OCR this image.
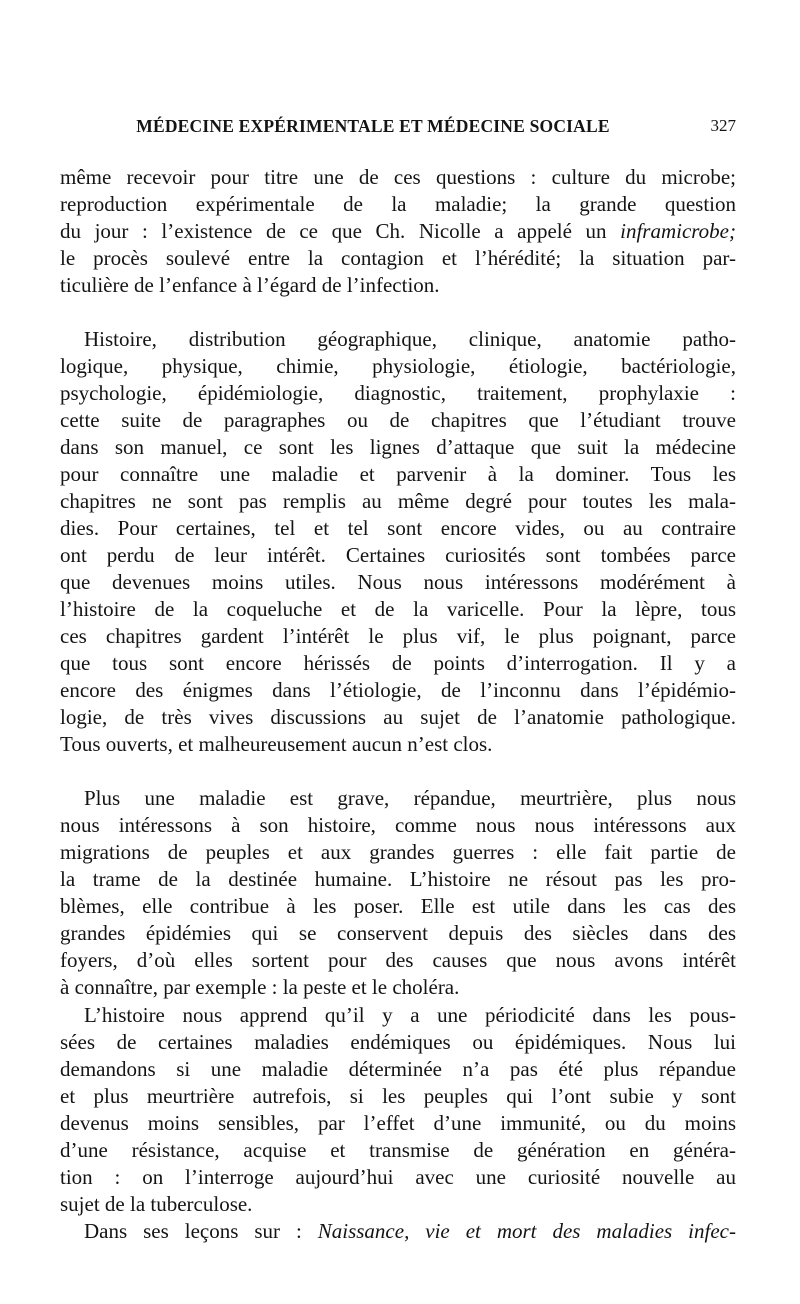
MÉDECINE EXPÉRIMENTALE ET MÉDECINE SOCIALE	327
même recevoir pour titre une de ces questions : culture du microbe;
reproduction expérimentale de la maladie; la grande question
du jour : l’existence de ce que Ch. Nicolle a appelé un inframicrobe;
le procès soulevé entre la contagion et l’hérédité; la situation par-
ticulière de l’enfance à l’égard de l’infection.
Histoire, distribution géographique, clinique, anatomie patho-
logique, physique, chimie, physiologie, étiologie, bactériologie,
psychologie, épidémiologie, diagnostic, traitement, prophylaxie :
cette suite de paragraphes ou de chapitres que l’étudiant trouve
dans son manuel, ce sont les lignes d’attaque que suit la médecine
pour connaître une maladie et parvenir à la dominer. Tous les
chapitres ne sont pas remplis au même degré pour toutes les mala-
dies. Pour certaines, tel et tel sont encore vides, ou au contraire
ont perdu de leur intérêt. Certaines curiosités sont tombées parce
que devenues moins utiles. Nous nous intéressons modérément à
l’histoire de la coqueluche et de la varicelle. Pour la lèpre, tous
ces chapitres gardent l’intérêt le plus vif, le plus poignant, parce
que tous sont encore hérissés de points d’interrogation. Il y a
encore des énigmes dans l’étiologie, de l’inconnu dans l’épidémio-
logie, de très vives discussions au sujet de l’anatomie pathologique.
Tous ouverts, et malheureusement aucun n’est clos.
Plus une maladie est grave, répandue, meurtrière, plus nous
nous intéressons à son histoire, comme nous nous intéressons aux
migrations de peuples et aux grandes guerres : elle fait partie de
la trame de la destinée humaine. L’histoire ne résout pas les pro-
blèmes, elle contribue à les poser. Elle est utile dans les cas des
grandes épidémies qui se conservent depuis des siècles dans des
foyers, d’où elles sortent pour des causes que nous avons intérêt
à connaître, par exemple : la peste et le choléra.
L’histoire nous apprend qu’il y a une périodicité dans les pous-
sées de certaines maladies endémiques ou épidémiques. Nous lui
demandons si une maladie déterminée n’a pas été plus répandue
et plus meurtrière autrefois, si les peuples qui l’ont subie y sont
devenus moins sensibles, par l’effet d’une immunité, ou du moins
d’une résistance, acquise et transmise de génération en généra-
tion : on l’interroge aujourd’hui avec une curiosité nouvelle au
sujet de la tuberculose.
Dans ses leçons sur : Naissance, vie et mort des maladies infec-
